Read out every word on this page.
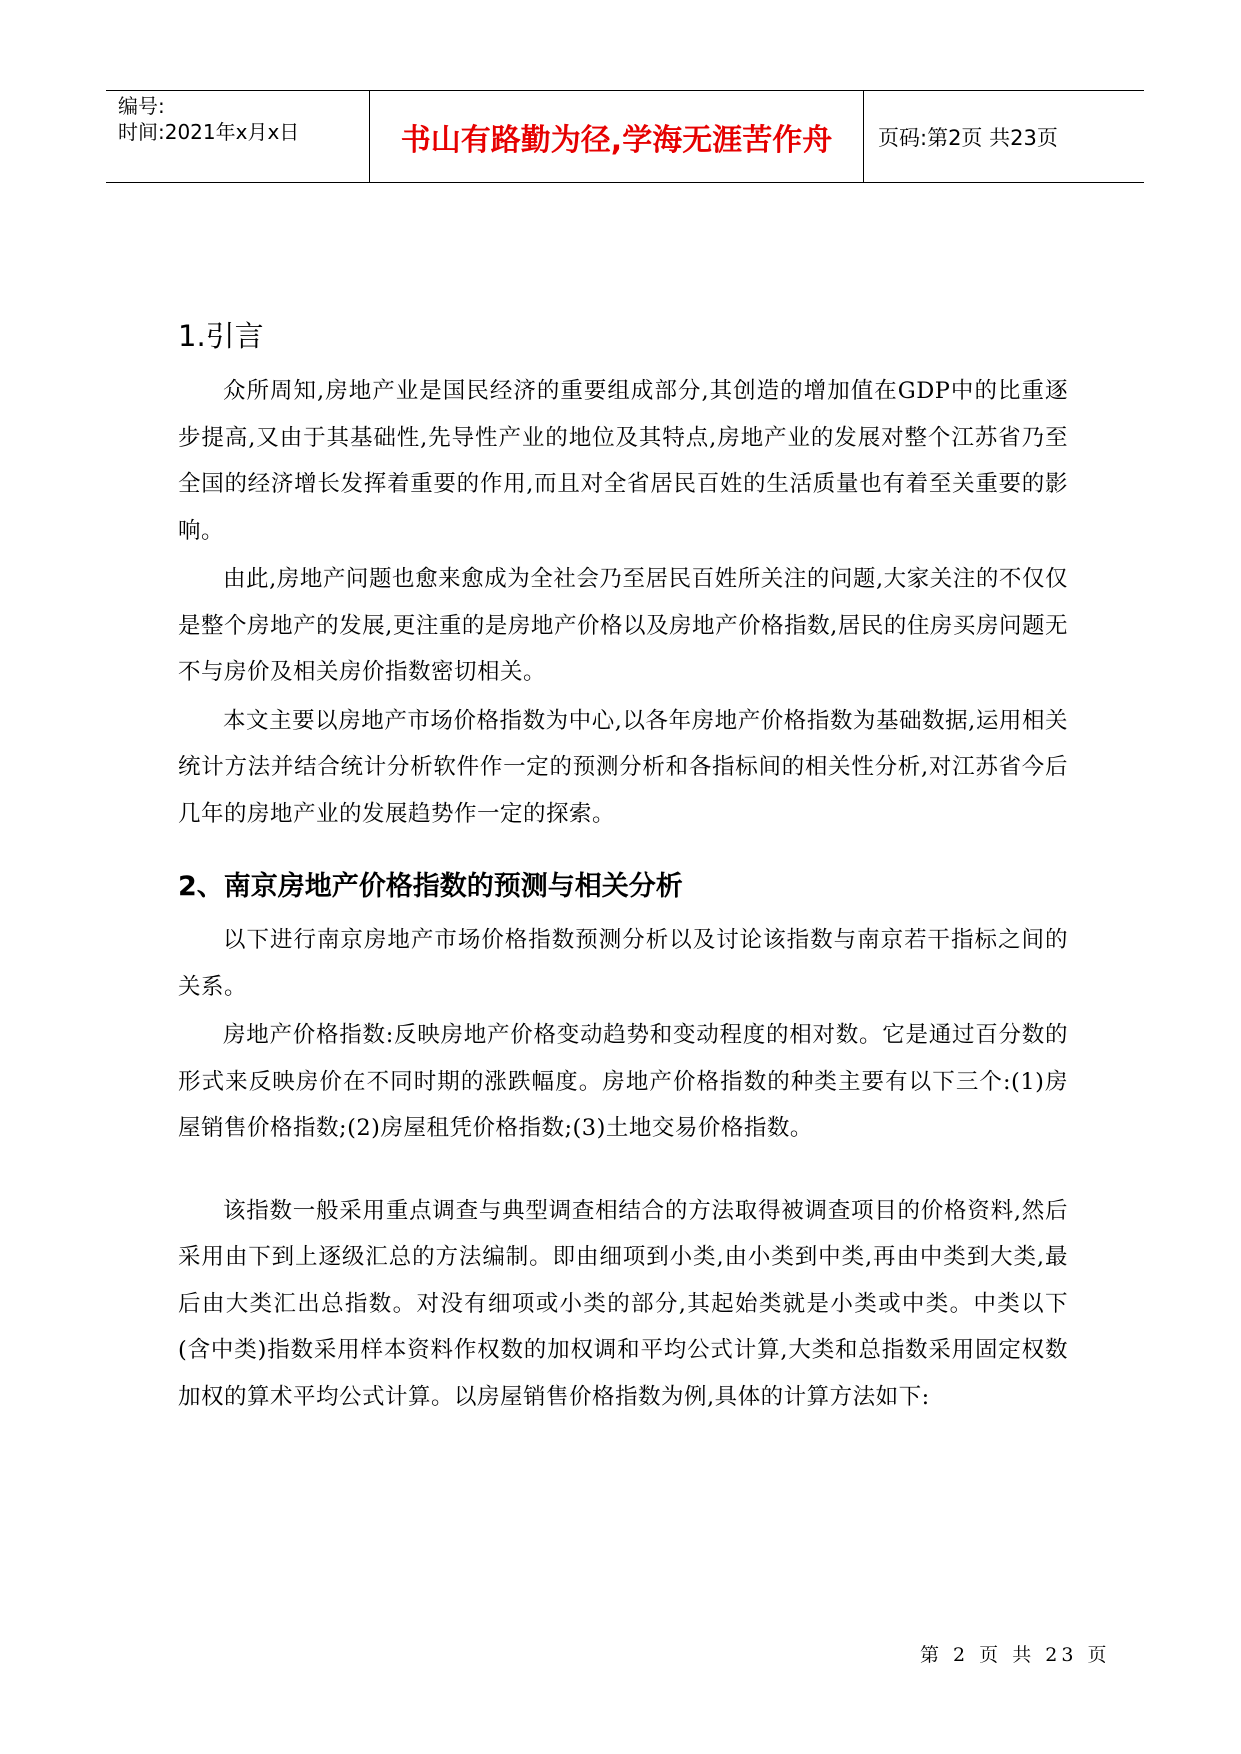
编号:
时间:2021年x月x日	书山有路勤为径,学海无涯苦作舟 页码:第2页 共23页
1.引言

众所周知,房地产业是国民经济的重要组成部分,其创造的增加值在GDP中的比重逐步提高,又由于其基础性,先导性产业的地位及其特点,房地产业的发展对整个江苏省乃至全国的经济增长发挥着重要的作用,而且对全省居民百姓的生活质量也有着至关重要的影响。

由此,房地产问题也愈来愈成为全社会乃至居民百姓所关注的问题,大家关注的不仅仅是整个房地产的发展,更注重的是房地产价格以及房地产价格指数,居民的住房买房问题无不与房价及相关房价指数密切相关。

本文主要以房地产市场价格指数为中心,以各年房地产价格指数为基础数据,运用相关统计方法并结合统计分析软件作一定的预测分析和各指标间的相关性分析,对江苏省今后几年的房地产业的发展趋势作一定的探索。

2、南京房地产价格指数的预测与相关分析

以下进行南京房地产市场价格指数预测分析以及讨论该指数与南京若干指标之间的关系。

房地产价格指数:反映房地产价格变动趋势和变动程度的相对数。它是通过百分数的形式来反映房价在不同时期的涨跌幅度。房地产价格指数的种类主要有以下三个:(1)房屋销售价格指数;(2)房屋租凭价格指数;(3)土地交易价格指数。

该指数一般采用重点调查与典型调查相结合的方法取得被调查项目的价格资料,然后采用由下到上逐级汇总的方法编制。即由细项到小类,由小类到中类,再由中类到大类,最后由大类汇出总指数。对没有细项或小类的部分,其起始类就是小类或中类。中类以下(含中类)指数采用样本资料作权数的加权调和平均公式计算,大类和总指数采用固定权数加权的算术平均公式计算。以房屋销售价格指数为例,具体的计算方法如下:

第 2 页 共 23 页
